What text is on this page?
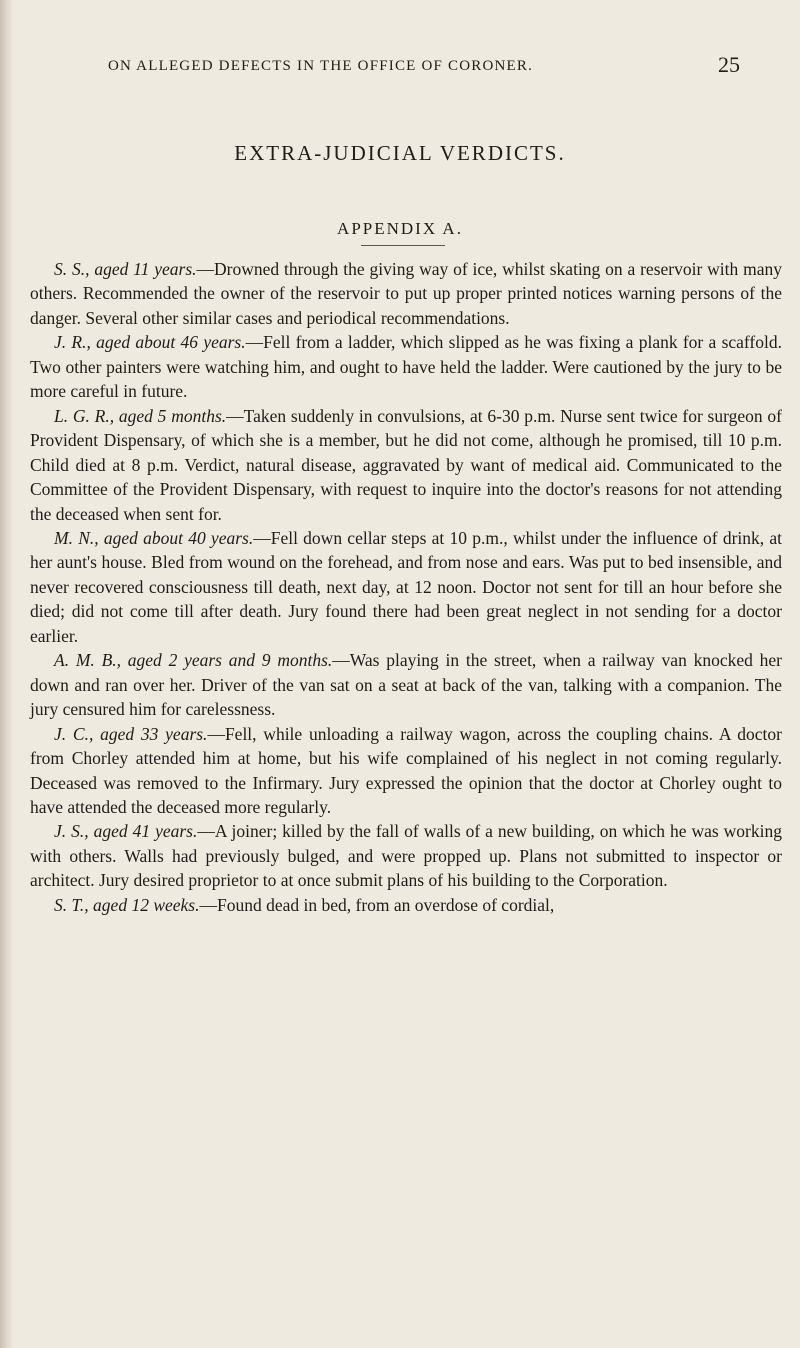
ON ALLEGED DEFECTS IN THE OFFICE OF CORONER.	25
EXTRA-JUDICIAL VERDICTS.
APPENDIX A.

S. S., aged 11 years.—Drowned through the giving way of ice, whilst skating on a reservoir with many others. Recommended the owner of the reservoir to put up proper printed notices warning persons of the danger. Several other similar cases and periodical recommendations.

J. R., aged about 46 years.—Fell from a ladder, which slipped as he was fixing a plank for a scaffold. Two other painters were watching him, and ought to have held the ladder. Were cautioned by the jury to be more careful in future.

L. G. R., aged 5 months.—Taken suddenly in convulsions, at 6-30 p.m. Nurse sent twice for surgeon of Provident Dispensary, of which she is a member, but he did not come, although he promised, till 10 p.m. Child died at 8 p.m. Verdict, natural disease, aggravated by want of medical aid. Communicated to the Committee of the Provident Dispensary, with request to inquire into the doctor's reasons for not attending the deceased when sent for.

M. N., aged about 40 years.—Fell down cellar steps at 10 p.m., whilst under the influence of drink, at her aunt's house. Bled from wound on the forehead, and from nose and ears. Was put to bed insensible, and never recovered consciousness till death, next day, at 12 noon. Doctor not sent for till an hour before she died; did not come till after death. Jury found there had been great neglect in not sending for a doctor earlier.

A. M. B., aged 2 years and 9 months.—Was playing in the street, when a railway van knocked her down and ran over her. Driver of the van sat on a seat at back of the van, talking with a companion. The jury censured him for carelessness.

J. C., aged 33 years.—Fell, while unloading a railway wagon, across the coupling chains. A doctor from Chorley attended him at home, but his wife complained of his neglect in not coming regularly. Deceased was removed to the Infirmary. Jury expressed the opinion that the doctor at Chorley ought to have attended the deceased more regularly.

J. S., aged 41 years.—A joiner; killed by the fall of walls of a new building, on which he was working with others. Walls had previously bulged, and were propped up. Plans not submitted to inspector or architect. Jury desired proprietor to at once submit plans of his building to the Corporation.

S. T., aged 12 weeks.—Found dead in bed, from an overdose of cordial,
